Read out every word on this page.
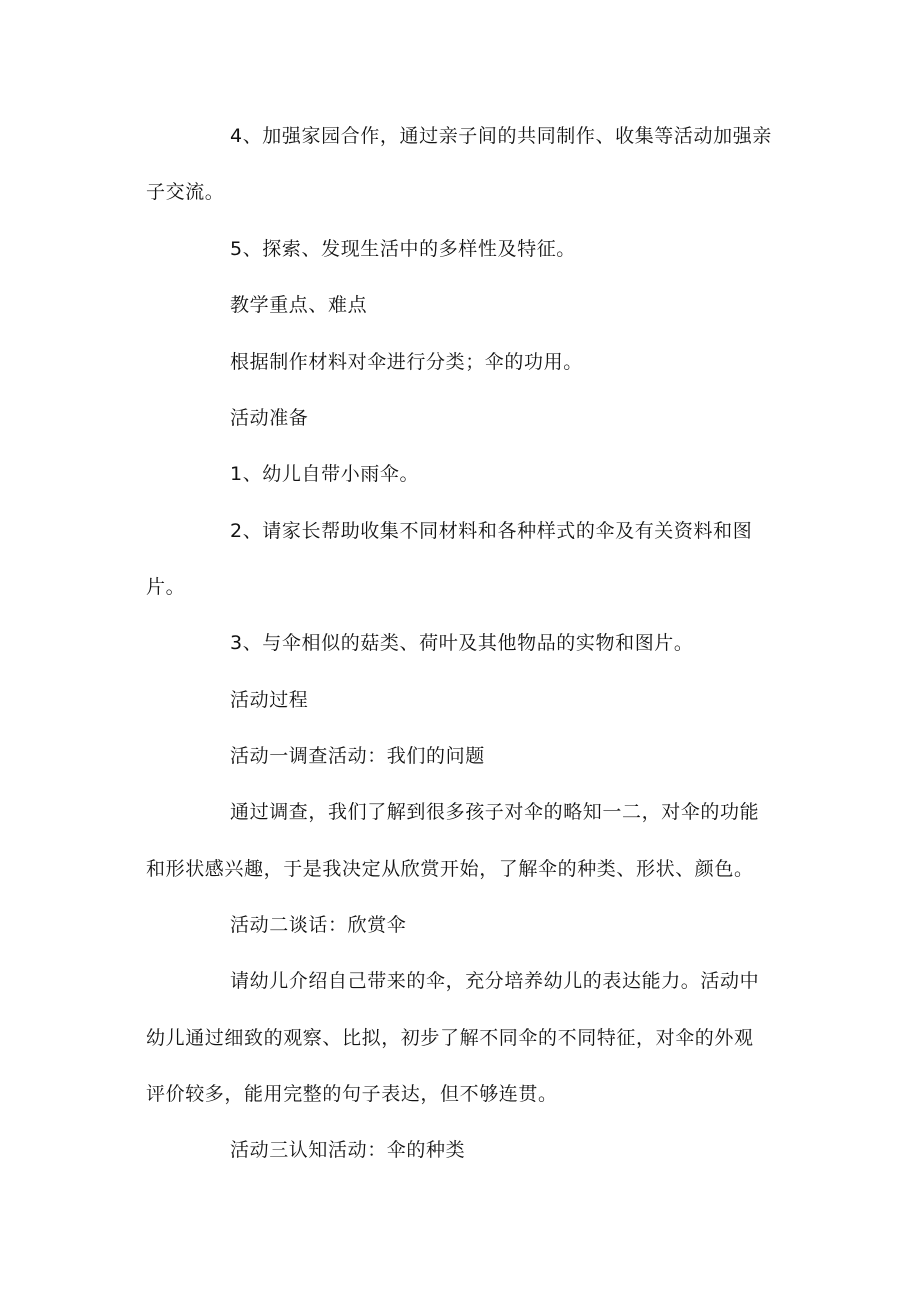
4、加强家园合作，通过亲子间的共同制作、收集等活动加强亲
子交流。
5、探索、发现生活中的多样性及特征。
教学重点、难点
根据制作材料对伞进行分类；伞的功用。
活动准备
1、幼儿自带小雨伞。
2、请家长帮助收集不同材料和各种样式的伞及有关资料和图
片。
3、与伞相似的菇类、荷叶及其他物品的实物和图片。
活动过程
活动一调查活动：我们的问题
通过调查，我们了解到很多孩子对伞的略知一二，对伞的功能
和形状感兴趣，于是我决定从欣赏开始，了解伞的种类、形状、颜色。
活动二谈话：欣赏伞
请幼儿介绍自己带来的伞，充分培养幼儿的表达能力。活动中
幼儿通过细致的观察、比拟，初步了解不同伞的不同特征，对伞的外观
评价较多，能用完整的句子表达，但不够连贯。
活动三认知活动：伞的种类
